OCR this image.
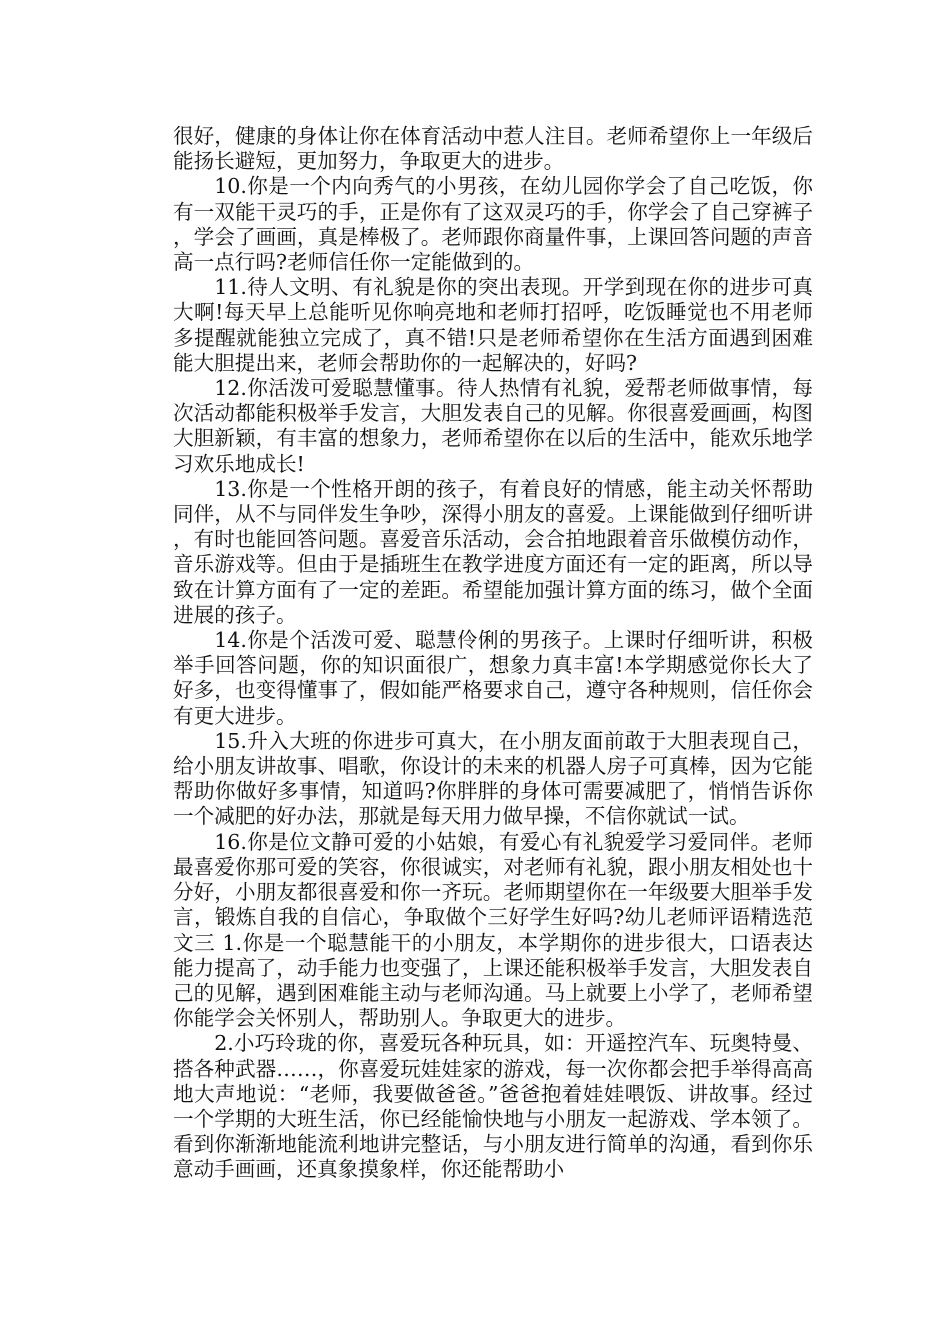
很好，健康的身体让你在体育活动中惹人注目。老师希望你上一年级后能扬长避短，更加努力，争取更大的进步。

10.你是一个内向秀气的小男孩，在幼儿园你学会了自己吃饭，你有一双能干灵巧的手，正是你有了这双灵巧的手，你学会了自己穿裤子，学会了画画，真是棒极了。老师跟你商量件事，上课回答问题的声音高一点行吗?老师信任你一定能做到的。

11.待人文明、有礼貌是你的突出表现。开学到现在你的进步可真大啊!每天早上总能听见你响亮地和老师打招呼，吃饭睡觉也不用老师多提醒就能独立完成了，真不错!只是老师希望你在生活方面遇到困难能大胆提出来，老师会帮助你的一起解决的，好吗?

12.你活泼可爱聪慧懂事。待人热情有礼貌，爱帮老师做事情，每次活动都能积极举手发言，大胆发表自己的见解。你很喜爱画画，构图大胆新颖，有丰富的想象力，老师希望你在以后的生活中，能欢乐地学习欢乐地成长!

13.你是一个性格开朗的孩子，有着良好的情感，能主动关怀帮助同伴，从不与同伴发生争吵，深得小朋友的喜爱。上课能做到仔细听讲，有时也能回答问题。喜爱音乐活动，会合拍地跟着音乐做模仿动作，音乐游戏等。但由于是插班生在教学进度方面还有一定的距离，所以导致在计算方面有了一定的差距。希望能加强计算方面的练习，做个全面进展的孩子。

14.你是个活泼可爱、聪慧伶俐的男孩子。上课时仔细听讲，积极举手回答问题，你的知识面很广，想象力真丰富!本学期感觉你长大了好多，也变得懂事了，假如能严格要求自己，遵守各种规则，信任你会有更大进步。

15.升入大班的你进步可真大，在小朋友面前敢于大胆表现自己，给小朋友讲故事、唱歌，你设计的未来的机器人房子可真棒，因为它能帮助你做好多事情，知道吗?你胖胖的身体可需要减肥了，悄悄告诉你一个减肥的好办法，那就是每天用力做早操，不信你就试一试。

16.你是位文静可爱的小姑娘，有爱心有礼貌爱学习爱同伴。老师最喜爱你那可爱的笑容，你很诚实，对老师有礼貌，跟小朋友相处也十分好，小朋友都很喜爱和你一齐玩。老师期望你在一年级要大胆举手发言，锻炼自我的自信心，争取做个三好学生好吗?幼儿老师评语精选范文三 1.你是一个聪慧能干的小朋友，本学期你的进步很大，口语表达能力提高了，动手能力也变强了，上课还能积极举手发言，大胆发表自己的见解，遇到困难能主动与老师沟通。马上就要上小学了，老师希望你能学会关怀别人，帮助别人。争取更大的进步。

2.小巧玲珑的你，喜爱玩各种玩具，如：开遥控汽车、玩奥特曼、搭各种武器……，你喜爱玩娃娃家的游戏，每一次你都会把手举得高高地大声地说：“老师，我要做爸爸。”爸爸抱着娃娃喂饭、讲故事。经过一个学期的大班生活，你已经能愉快地与小朋友一起游戏、学本领了。看到你渐渐地能流利地讲完整话，与小朋友进行简单的沟通，看到你乐意动手画画，还真象摸象样，你还能帮助小
